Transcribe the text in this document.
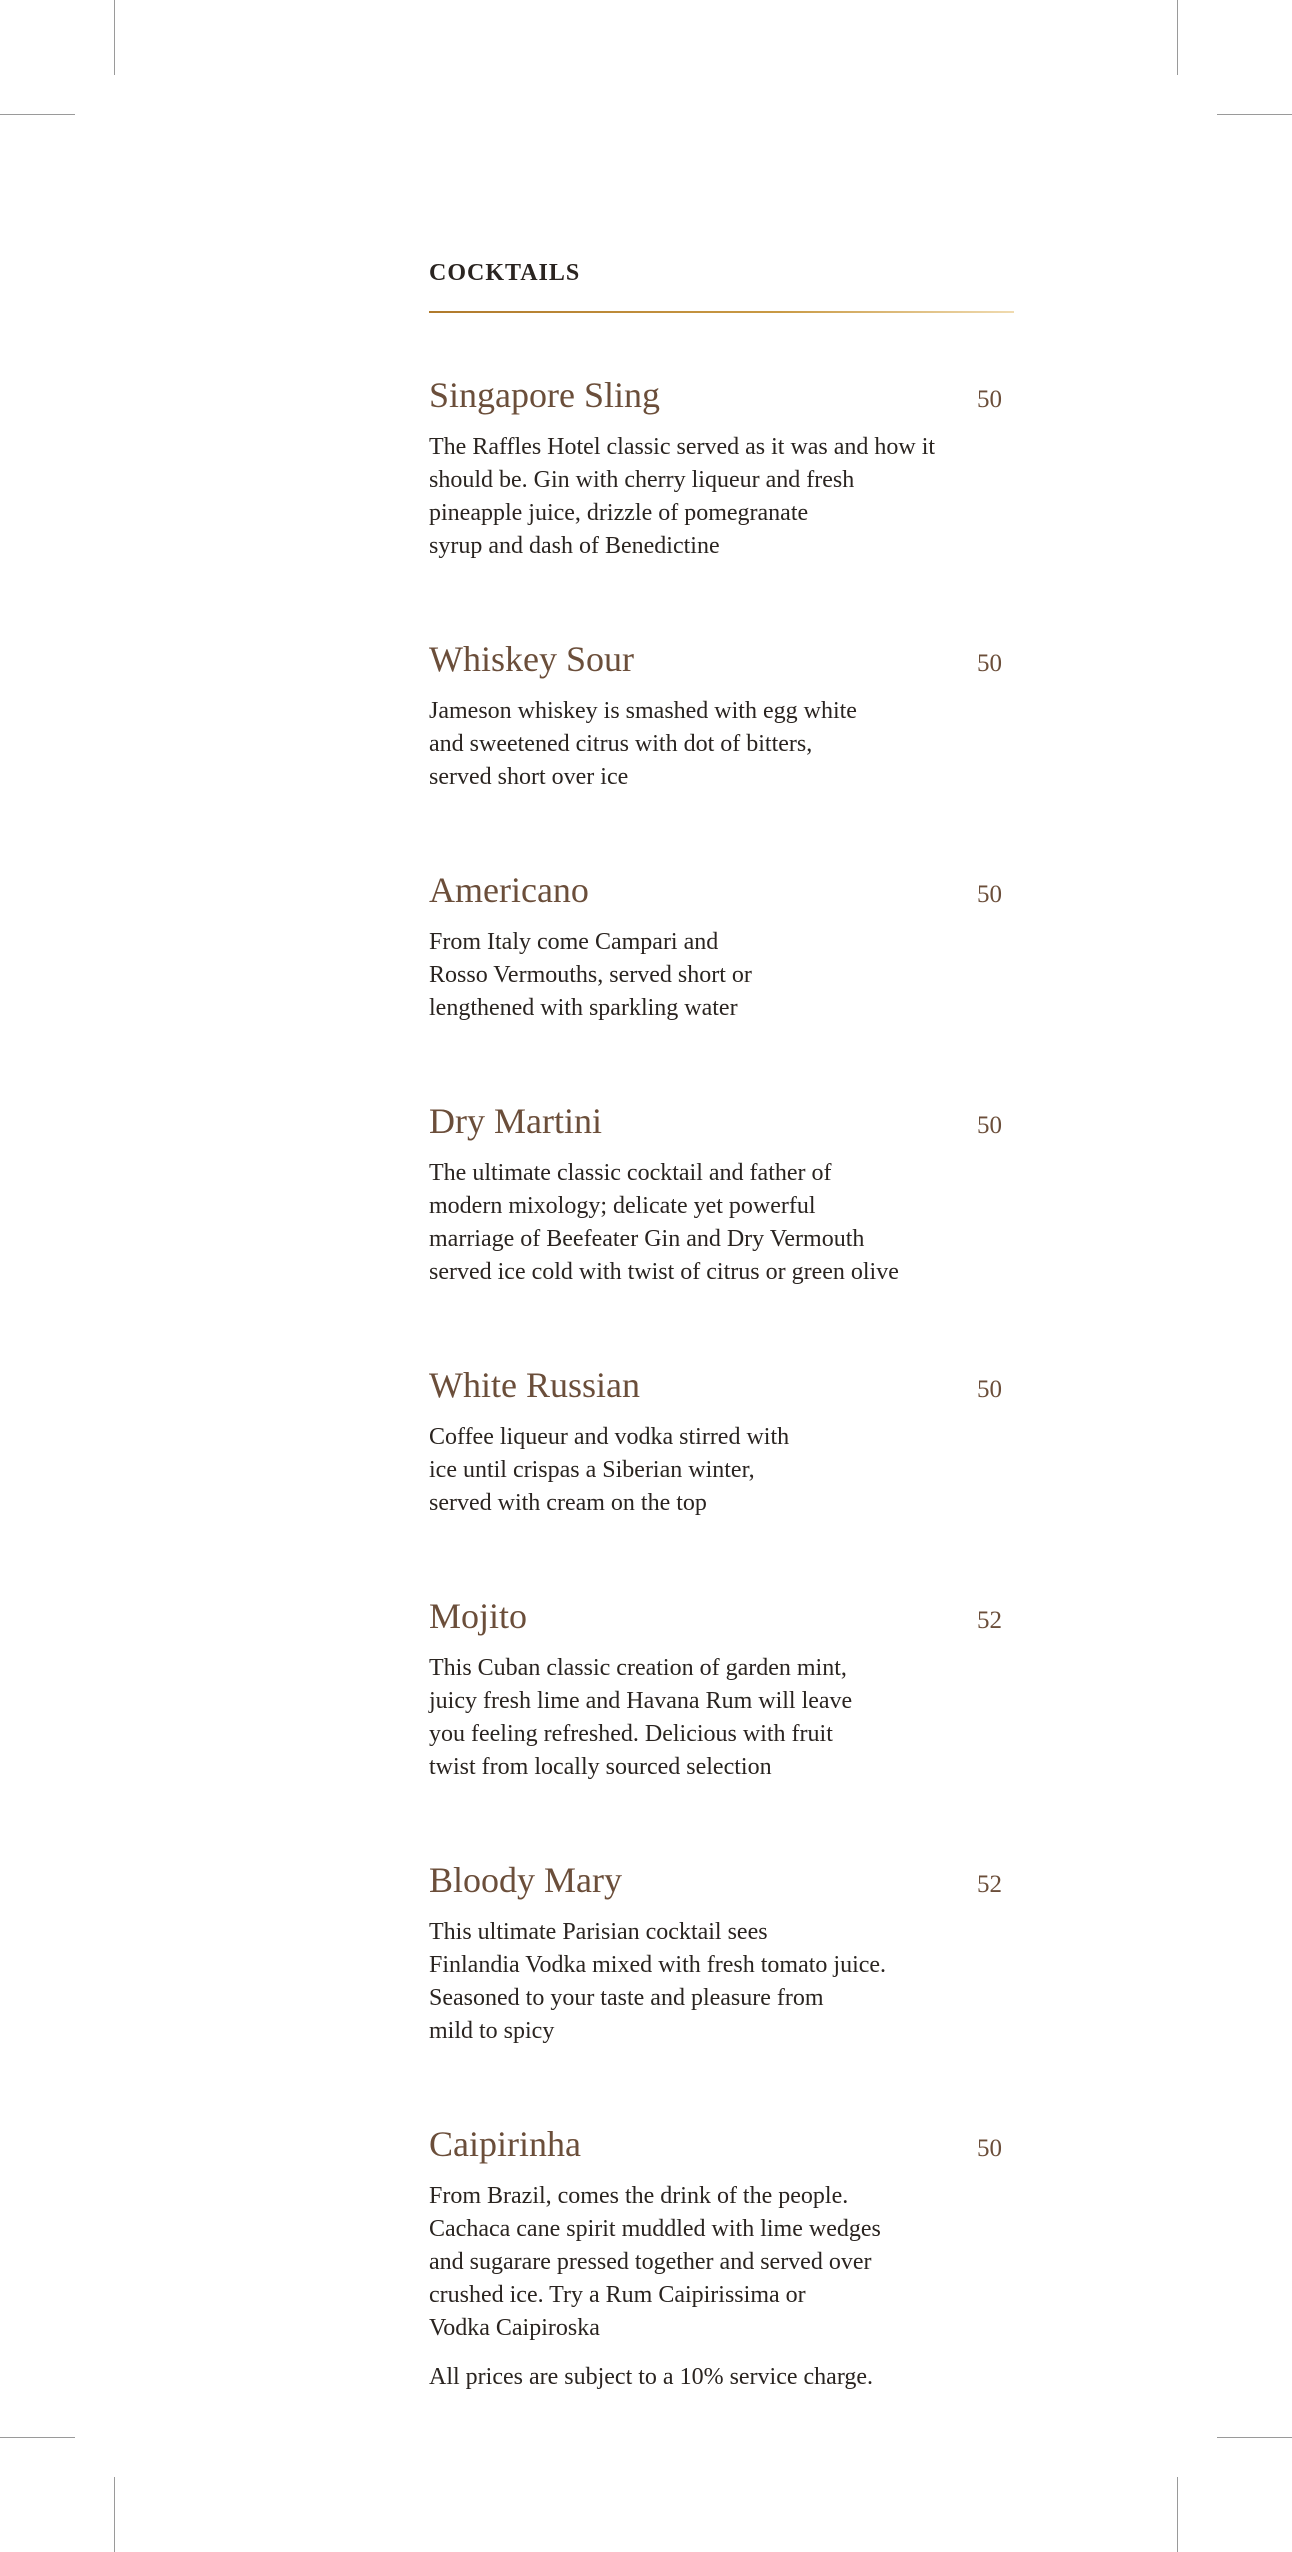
COCKTAILS
Singapore Sling	50
The Raffles Hotel classic served as it was and how it
should be. Gin with cherry liqueur and fresh
pineapple juice, drizzle of pomegranate
syrup and dash of Benedictine
Whiskey Sour	50
Jameson whiskey is smashed with egg white
and sweetened citrus with dot of bitters,
served short over ice
Americano	50
From Italy come Campari and
Rosso Vermouths, served short or
lengthened with sparkling water
Dry Martini	50
The ultimate classic cocktail and father of
modern mixology; delicate yet powerful
marriage of Beefeater Gin and Dry Vermouth
served ice cold with twist of citrus or green olive
White Russian	50
Coffee liqueur and vodka stirred with
ice until crispas a Siberian winter,
served with cream on the top
Mojito	52
This Cuban classic creation of garden mint,
juicy fresh lime and Havana Rum will leave
you feeling refreshed. Delicious with fruit
twist from locally sourced selection
Bloody Mary	52
This ultimate Parisian cocktail sees
Finlandia Vodka mixed with fresh tomato juice.
Seasoned to your taste and pleasure from
mild to spicy
Caipirinha	50
From Brazil, comes the drink of the people.
Cachaca cane spirit muddled with lime wedges
and sugarare pressed together and served over
crushed ice. Try a Rum Caipirissima or
Vodka Caipiroska
All prices are subject to a 10% service charge.
